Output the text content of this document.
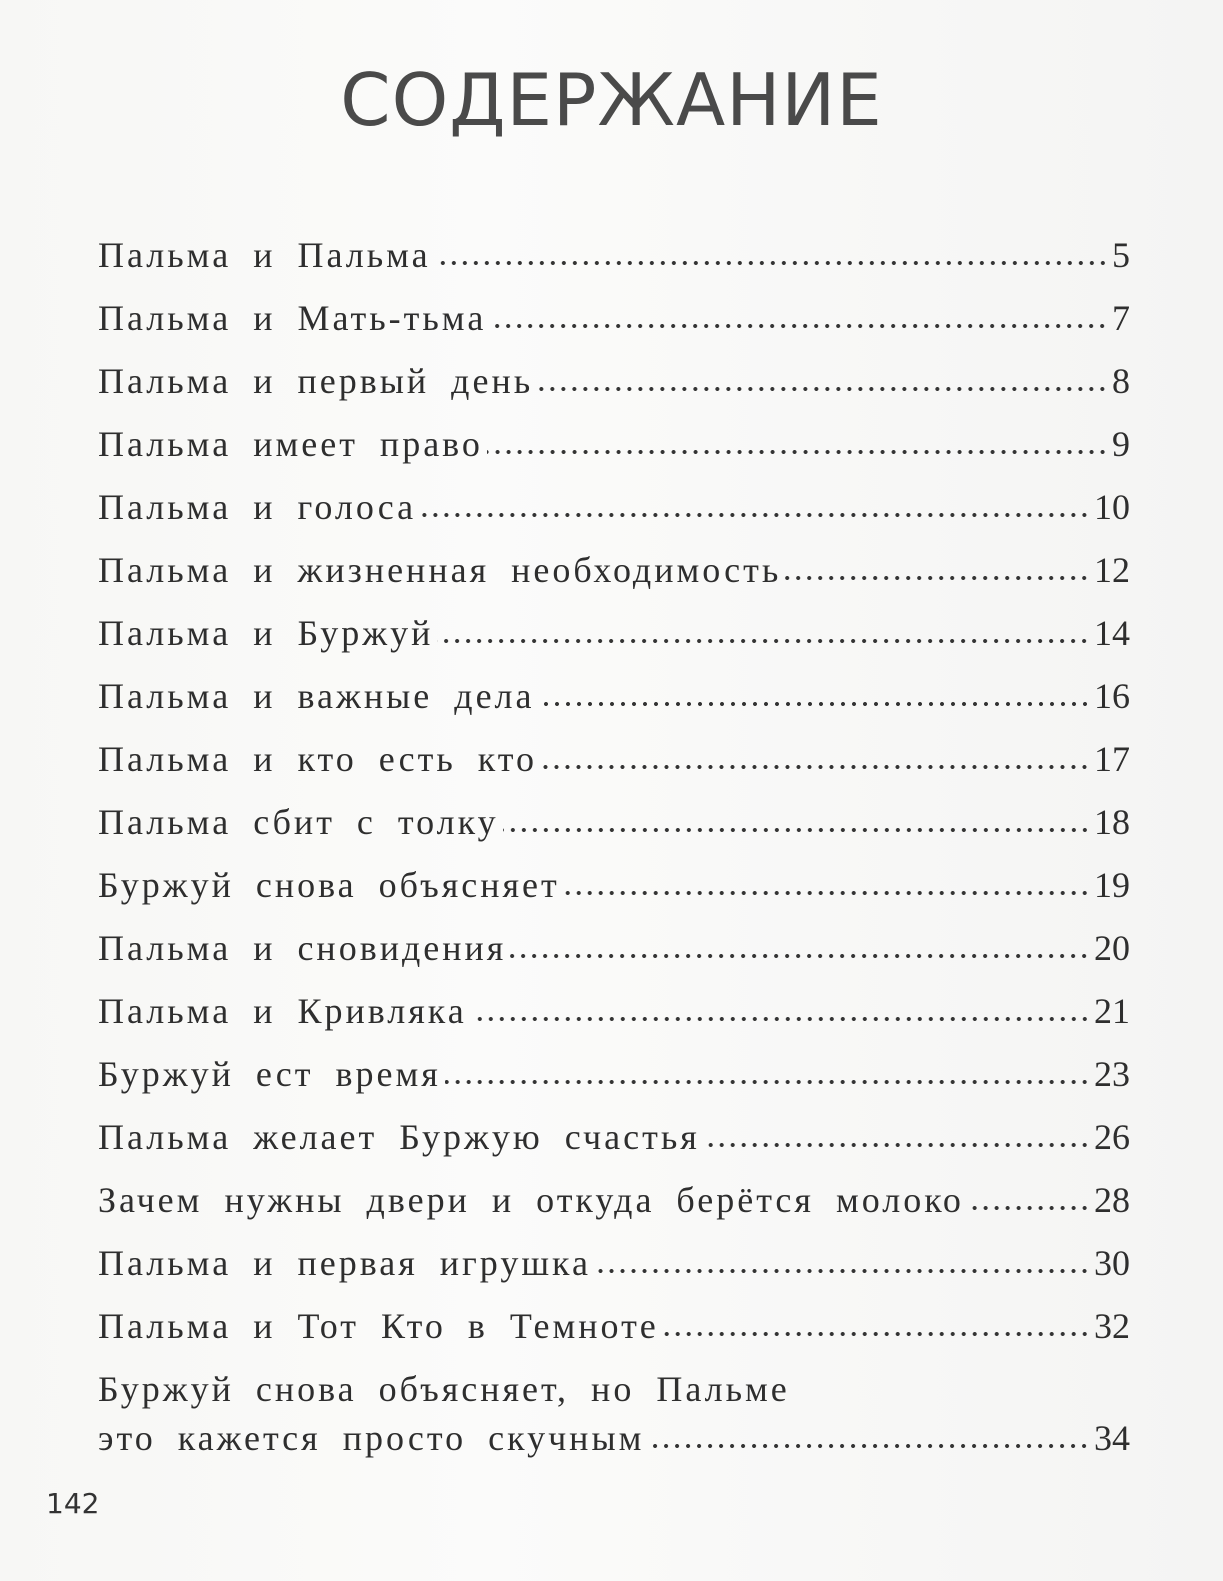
СОДЕРЖАНИЕ
Пальма и Пальма	5
Пальма и Мать-тьма	7
Пальма и первый день	8
Пальма имеет право	9
Пальма и голоса	10
Пальма и жизненная необходимость	12
Пальма и Буржуй	14
Пальма и важные дела	16
Пальма и кто есть кто	17
Пальма сбит с толку	18
Буржуй снова объясняет	19
Пальма и сновидения	20
Пальма и Кривляка	21
Буржуй ест время	23
Пальма желает Буржую счастья	26
Зачем нужны двери и откуда берётся молоко	28
Пальма и первая игрушка	30
Пальма и Тот Кто в Темноте	32
Буржуй снова объясняет, но Пальме
это кажется просто скучным	34
142
